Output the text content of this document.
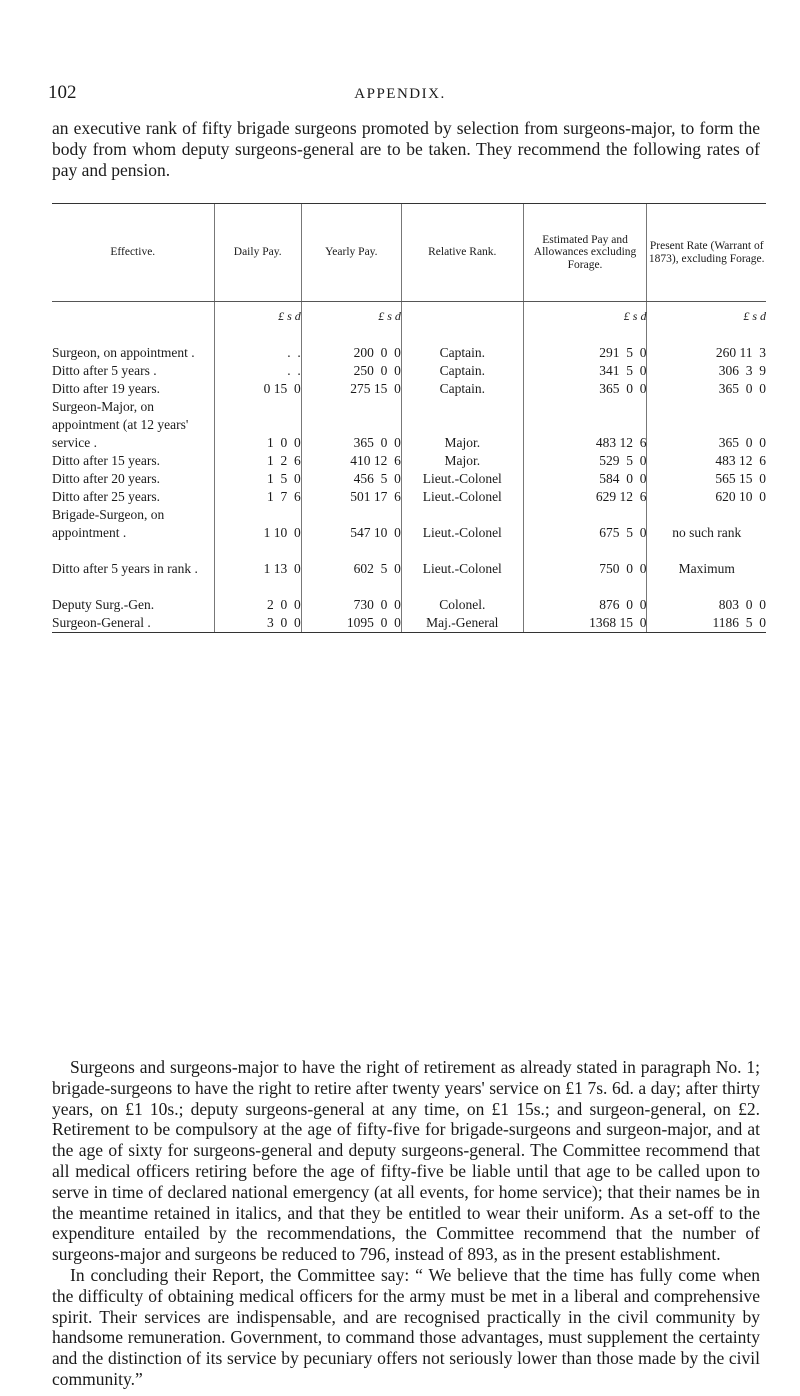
102	APPENDIX.

an executive rank of fifty brigade surgeons promoted by selection from surgeons-major, to form the body from whom deputy surgeons-general are to be taken. They recommend the following rates of pay and pension.

Effective.	Daily Pay.	Yearly Pay.	Relative Rank.	Estimated Pay and Allowances excluding Forage.	Present Rate (Warrant of 1873), excluding Forage.
	£ s d	£ s d		£ s d	£ s d
Surgeon, on appointment .	.  .	200  0  0	Captain.	291  5  0	260 11  3
Ditto after 5 years .	.  .	250  0  0	Captain.	341  5  0	306  3  9
Ditto after 19 years.	0 15  0	275 15  0	Captain.	365  0  0	365  0  0
Surgeon-Major, on appointment (at 12 years' service .	1  0  0	365  0  0	Major.	483 12  6	365  0  0
Ditto after 15 years.	1  2  6	410 12  6	Major.	529  5  0	483 12  6
Ditto after 20 years.	1  5  0	456  5  0	Lieut.-Colonel	584  0  0	565 15  0
Ditto after 25 years.	1  7  6	501 17  6	Lieut.-Colonel	629 12  6	620 10  0
Brigade-Surgeon, on appointment .	1 10  0	547 10  0	Lieut.-Colonel	675  5  0	no such rank
Ditto after 5 years in rank .	1 13  0	602  5  0	Lieut.-Colonel	750  0  0	Maximum
Deputy Surg.-Gen.	2  0  0	730  0  0	Colonel.	876  0  0	803  0  0
Surgeon-General .	3  0  0	1095  0  0	Maj.-General	1368 15  0	1186  5  0

Surgeons and surgeons-major to have the right of retirement as already stated in paragraph No. 1; brigade-surgeons to have the right to retire after twenty years' service on £1 7s. 6d. a day; after thirty years, on £1 10s.; deputy surgeons-general at any time, on £1 15s.; and surgeon-general, on £2. Retirement to be compulsory at the age of fifty-five for brigade-surgeons and surgeon-major, and at the age of sixty for surgeons-general and deputy surgeons-general. The Committee recommend that all medical officers retiring before the age of fifty-five be liable until that age to be called upon to serve in time of declared national emergency (at all events, for home service); that their names be in the meantime retained in italics, and that they be entitled to wear their uniform. As a set-off to the expenditure entailed by the recommendations, the Committee recommend that the number of surgeons-major and surgeons be reduced to 796, instead of 893, as in the present establishment.

In concluding their Report, the Committee say: “ We believe that the time has fully come when the difficulty of obtaining medical officers for the army must be met in a liberal and comprehensive spirit. Their services are indispensable, and are recognised practically in the civil community by handsome remuneration. Government, to command those advantages, must supplement the certainty and the distinction of its service by pecuniary offers not seriously lower than those made by the civil community.”
